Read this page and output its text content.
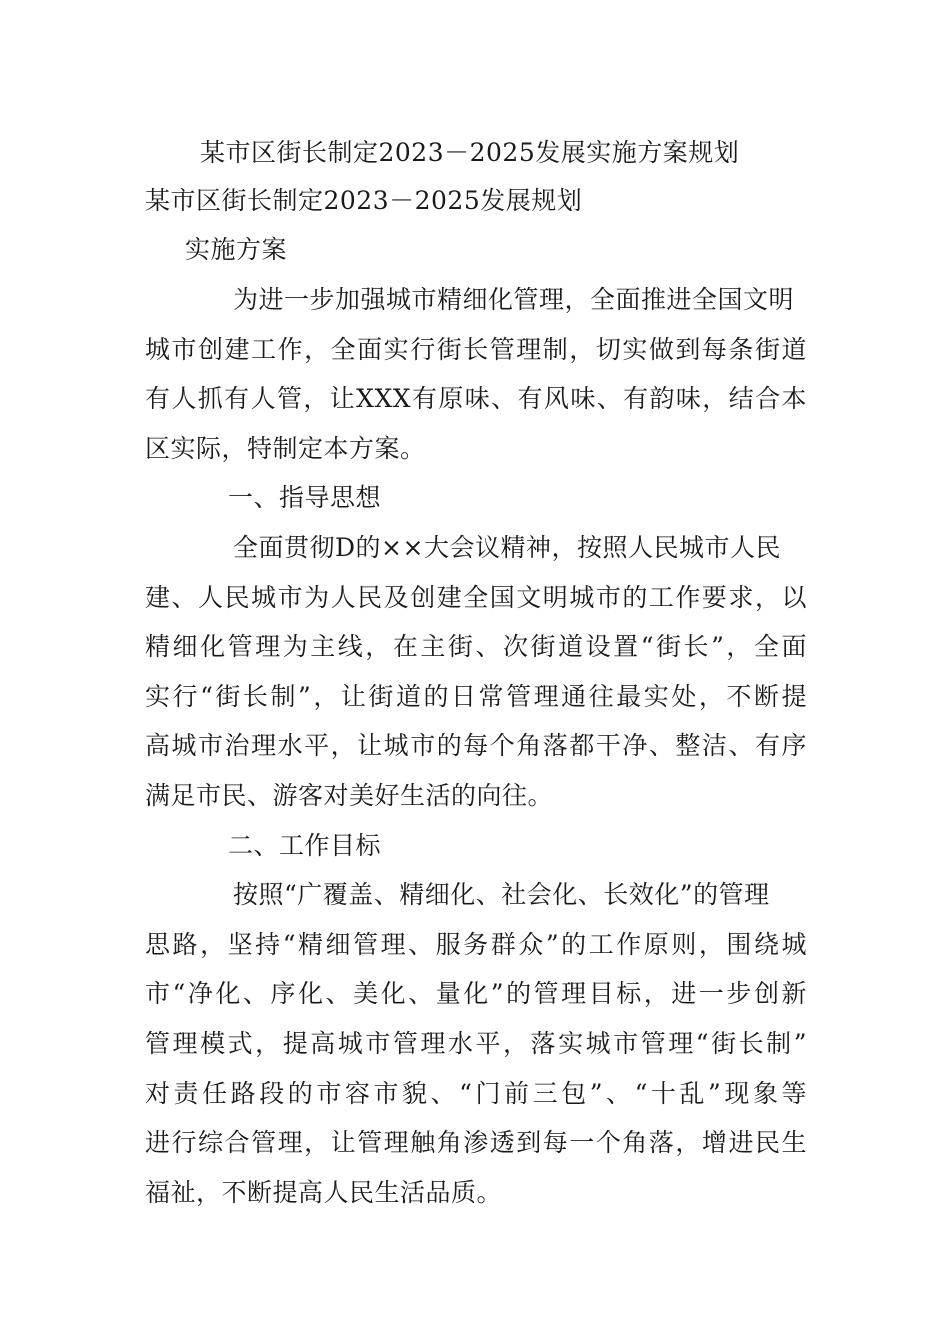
某市区街长制定2023－2025发展实施方案规划

某市区街长制定2023－2025发展规划

实施方案

为进一步加强城市精细化管理，全面推进全国文明

城市创建工作，全面实行街长管理制，切实做到每条街道

有人抓有人管，让XXX有原味、有风味、有韵味，结合本

区实际，特制定本方案。

一、指导思想

全面贯彻D的××大会议精神，按照人民城市人民

建、人民城市为人民及创建全国文明城市的工作要求，以

精细化管理为主线，在主街、次街道设置“街长”，全面

实行“街长制”，让街道的日常管理通往最实处，不断提

高城市治理水平，让城市的每个角落都干净、整洁、有序

满足市民、游客对美好生活的向往。

二、工作目标

按照“广覆盖、精细化、社会化、长效化”的管理

思路，坚持“精细管理、服务群众”的工作原则，围绕城

市“净化、序化、美化、量化”的管理目标，进一步创新

管理模式，提高城市管理水平，落实城市管理“街长制”

对责任路段的市容市貌、“门前三包”、“十乱”现象等

进行综合管理，让管理触角渗透到每一个角落，增进民生

福祉，不断提高人民生活品质。
